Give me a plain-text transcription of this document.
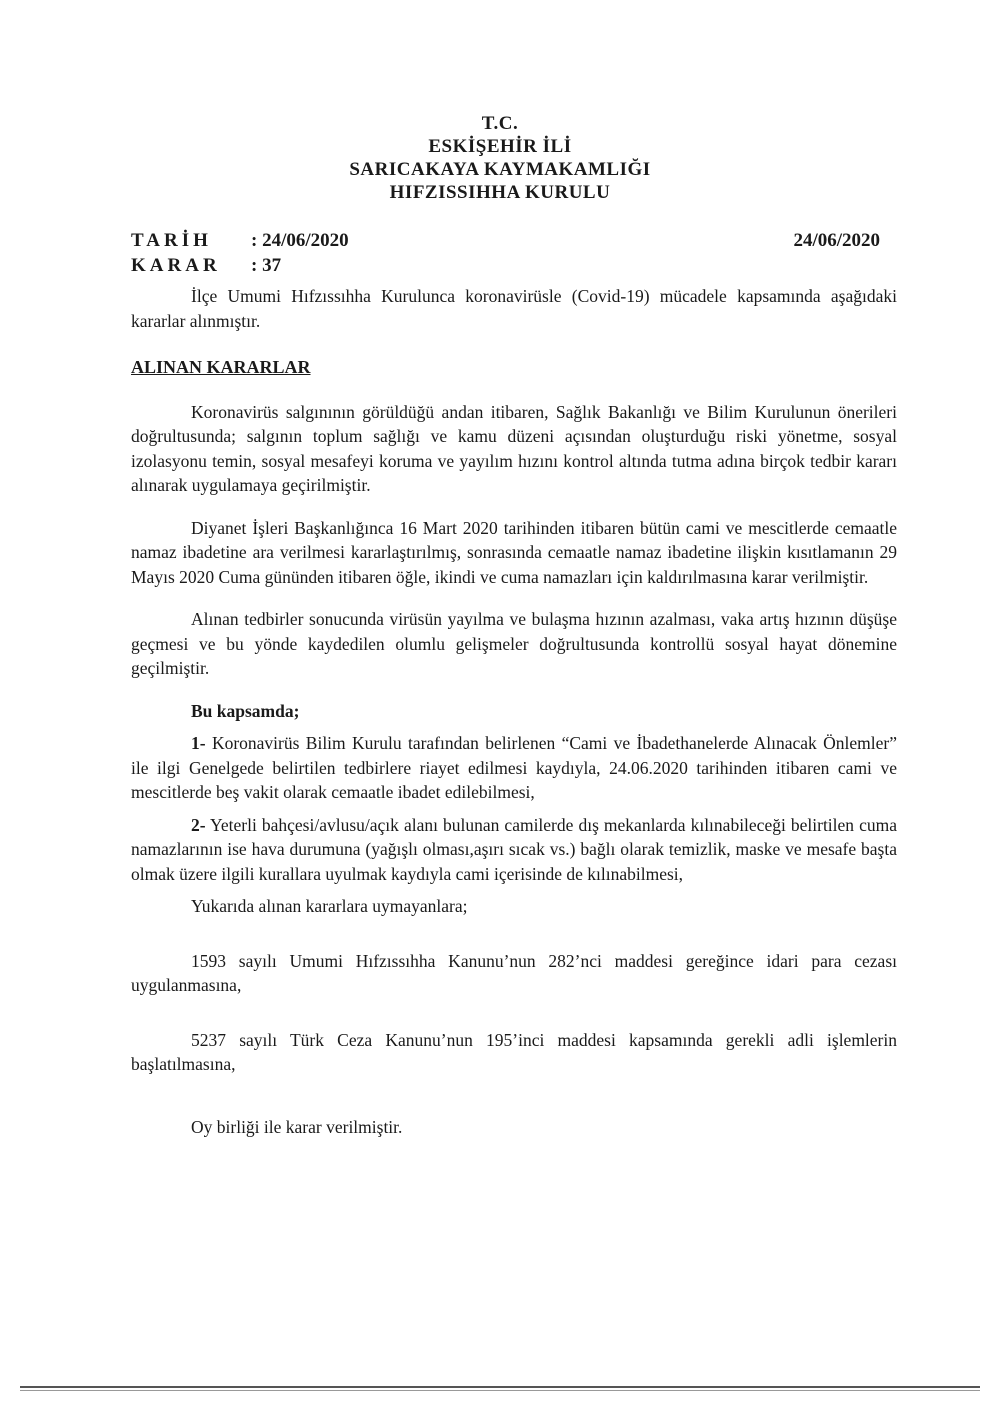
T.C.
ESKİŞEHİR İLİ
SARICAKAYA KAYMAKAMLIĞI
HIFZISSIHHA KURULU
TARİH	: 24/06/2020
KARAR	: 37
24/06/2020

İlçe Umumi Hıfzıssıhha Kurulunca koronavirüsle (Covid-19) mücadele kapsamında aşağıdaki kararlar alınmıştır.

ALINAN KARARLAR

Koronavirüs salgınının görüldüğü andan itibaren, Sağlık Bakanlığı ve Bilim Kurulunun önerileri doğrultusunda; salgının toplum sağlığı ve kamu düzeni açısından oluşturduğu riski yönetme, sosyal izolasyonu temin, sosyal mesafeyi koruma ve yayılım hızını kontrol altında tutma adına birçok tedbir kararı alınarak uygulamaya geçirilmiştir.

Diyanet İşleri Başkanlığınca 16 Mart 2020 tarihinden itibaren bütün cami ve mescitlerde cemaatle namaz ibadetine ara verilmesi kararlaştırılmış, sonrasında cemaatle namaz ibadetine ilişkin kısıtlamanın 29 Mayıs 2020 Cuma gününden itibaren öğle, ikindi ve cuma namazları için kaldırılmasına karar verilmiştir.

Alınan tedbirler sonucunda virüsün yayılma ve bulaşma hızının azalması, vaka artış hızının düşüşe geçmesi ve bu yönde kaydedilen olumlu gelişmeler doğrultusunda kontrollü sosyal hayat dönemine geçilmiştir.

Bu kapsamda;

1- Koronavirüs Bilim Kurulu tarafından belirlenen “Cami ve İbadethanelerde Alınacak Önlemler” ile ilgi Genelgede belirtilen tedbirlere riayet edilmesi kaydıyla, 24.06.2020 tarihinden itibaren cami ve mescitlerde beş vakit olarak cemaatle ibadet edilebilmesi,

2- Yeterli bahçesi/avlusu/açık alanı bulunan camilerde dış mekanlarda kılınabileceği belirtilen cuma namazlarının ise hava durumuna (yağışlı olması,aşırı sıcak vs.) bağlı olarak temizlik, maske ve mesafe başta olmak üzere ilgili kurallara uyulmak kaydıyla cami içerisinde de kılınabilmesi,

Yukarıda alınan kararlara uymayanlara;

1593 sayılı Umumi Hıfzıssıhha Kanunu’nun 282’nci maddesi gereğince idari para cezası uygulanmasına,

5237 sayılı Türk Ceza Kanunu’nun 195’inci maddesi kapsamında gerekli adli işlemlerin başlatılmasına,

Oy birliği ile karar verilmiştir.
